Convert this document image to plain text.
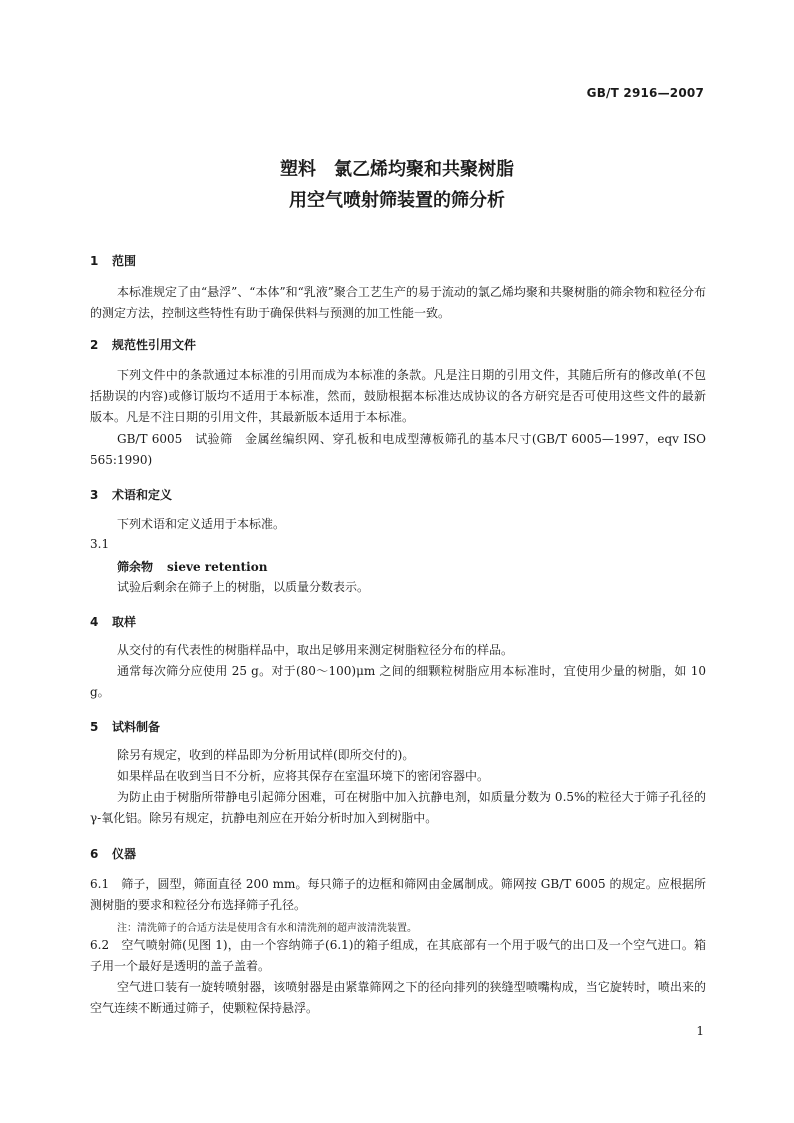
GB/T 2916—2007
塑料　氯乙烯均聚和共聚树脂
用空气喷射筛装置的筛分析
1 范围
本标准规定了由“悬浮”、“本体”和“乳液”聚合工艺生产的易于流动的氯乙烯均聚和共聚树脂的筛余物和粒径分布的测定方法，控制这些特性有助于确保供料与预测的加工性能一致。
2 规范性引用文件
下列文件中的条款通过本标准的引用而成为本标准的条款。凡是注日期的引用文件，其随后所有的修改单(不包括勘误的内容)或修订版均不适用于本标准，然而，鼓励根据本标准达成协议的各方研究是否可使用这些文件的最新版本。凡是不注日期的引用文件，其最新版本适用于本标准。
GB/T 6005　试验筛　金属丝编织网、穿孔板和电成型薄板筛孔的基本尺寸(GB/T 6005—1997，eqv ISO 565:1990)
3 术语和定义
下列术语和定义适用于本标准。
3.1
筛余物 sieve retention
试验后剩余在筛子上的树脂，以质量分数表示。
4 取样
从交付的有代表性的树脂样品中，取出足够用来测定树脂粒径分布的样品。
通常每次筛分应使用 25 g。对于(80～100)μm 之间的细颗粒树脂应用本标准时，宜使用少量的树脂，如 10 g。
5 试料制备
除另有规定，收到的样品即为分析用试样(即所交付的)。
如果样品在收到当日不分析，应将其保存在室温环境下的密闭容器中。
为防止由于树脂所带静电引起筛分困难，可在树脂中加入抗静电剂，如质量分数为 0.5%的粒径大于筛子孔径的 γ-氧化铝。除另有规定，抗静电剂应在开始分析时加入到树脂中。
6 仪器
6.1　筛子，圆型，筛面直径 200 mm。每只筛子的边框和筛网由金属制成。筛网按 GB/T 6005 的规定。应根据所测树脂的要求和粒径分布选择筛子孔径。
注：清洗筛子的合适方法是使用含有水和清洗剂的超声波清洗装置。
6.2　空气喷射筛(见图 1)，由一个容纳筛子(6.1)的箱子组成，在其底部有一个用于吸气的出口及一个空气进口。箱子用一个最好是透明的盖子盖着。
空气进口装有一旋转喷射器，该喷射器是由紧靠筛网之下的径向排列的狭缝型喷嘴构成，当它旋转时，喷出来的空气连续不断通过筛子，使颗粒保持悬浮。
1
